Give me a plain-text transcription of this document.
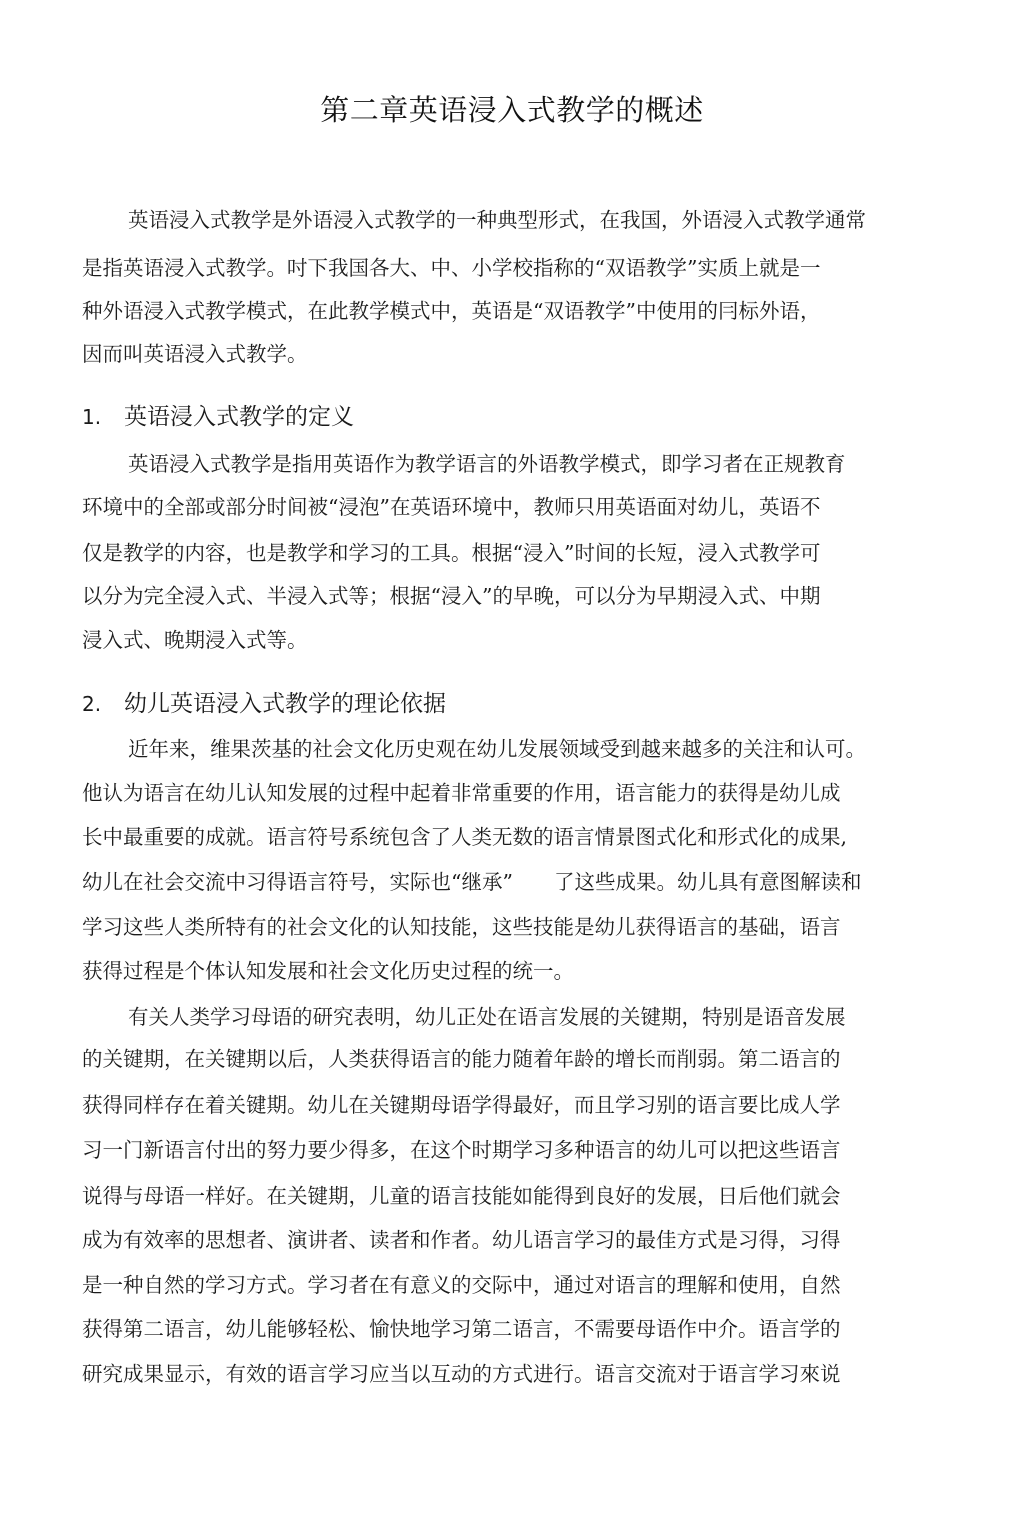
第二章英语浸入式教学的概述

英语浸入式教学是外语浸入式教学的一种典型形式，在我国，外语浸入式教学通常

是指英语浸入式教学。吋下我国各大、中、小学校指称的“双语教学”实质上就是一

种外语浸入式教学模式，在此教学模式中，英语是“双语教学”中使用的冃标外语，

因而叫英语浸入式教学。

1. 英语浸入式教学的定义

英语浸入式教学是指用英语作为教学语言的外语教学模式，即学习者在正规教育

环境中的全部或部分时间被“浸泡”在英语环境中，教师只用英语面对幼儿，英语不

仅是教学的内容，也是教学和学习的工具。根据“浸入”时间的长短，浸入式教学可

以分为完全浸入式、半浸入式等；根据“浸入”的早晚，可以分为早期浸入式、中期

浸入式、晚期浸入式等。

2. 幼儿英语浸入式教学的理论依据

近年来，维果茨基的社会文化历史观在幼儿发展领域受到越来越多的关注和认可。

他认为语言在幼儿认知发展的过程中起着非常重要的作用，语言能力的获得是幼儿成

长中最重要的成就。语言符号系统包含了人类无数的语言情景图式化和形式化的成果,

幼儿在社会交流中习得语言符号，实际也“继承”　　了这些成果。幼儿具有意图解读和

学习这些人类所特有的社会文化的认知技能，这些技能是幼儿获得语言的基础，语言

获得过程是个体认知发展和社会文化历史过程的统一。

有关人类学习母语的研究表明，幼儿正处在语言发展的关键期，特别是语音发展

的关键期，在关键期以后，人类获得语言的能力随着年龄的增长而削弱。第二语言的

获得同样存在着关键期。幼儿在关键期母语学得最好，而且学习别的语言要比成人学

习一门新语言付出的努力要少得多，在这个时期学习多种语言的幼儿可以把这些语言

说得与母语一样好。在关键期，儿童的语言技能如能得到良好的发展，日后他们就会

成为有效率的思想者、演讲者、读者和作者。幼儿语言学习的最佳方式是习得，习得

是一种自然的学习方式。学习者在有意义的交际中，通过对语言的理解和使用，自然

获得第二语言，幼儿能够轻松、愉快地学习第二语言，不需要母语作中介。语言学的

研究成果显示，有效的语言学习应当以互动的方式进行。语言交流对于语言学习來说
